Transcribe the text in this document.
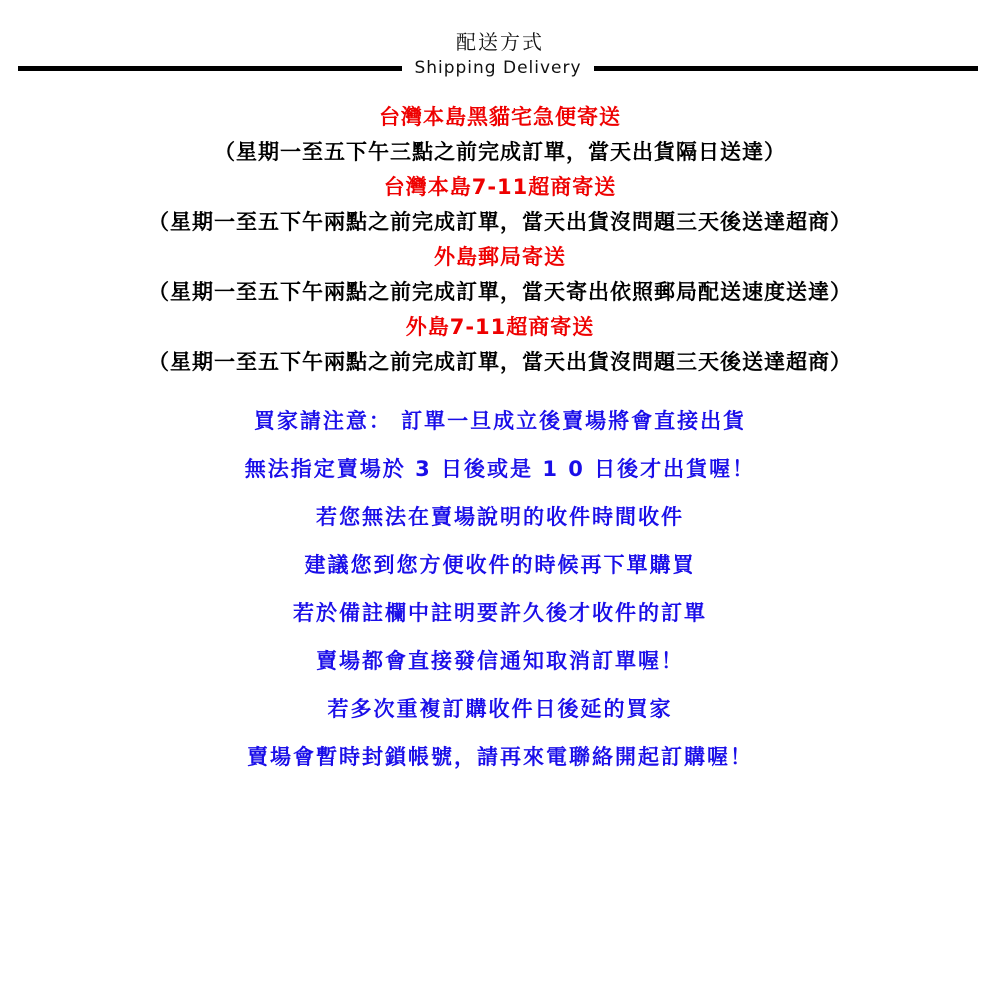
配送方式
Shipping Delivery
台灣本島黑貓宅急便寄送
（星期一至五下午三點之前完成訂單，當天出貨隔日送達）
台灣本島7-11超商寄送
（星期一至五下午兩點之前完成訂單，當天出貨沒問題三天後送達超商）
外島郵局寄送
（星期一至五下午兩點之前完成訂單，當天寄出依照郵局配送速度送達）
外島7-11超商寄送
（星期一至五下午兩點之前完成訂單，當天出貨沒問題三天後送達超商）
買家請注意： 訂單一旦成立後賣場將會直接出貨
無法指定賣場於 3 日後或是 1 0 日後才出貨喔！
若您無法在賣場說明的收件時間收件
建議您到您方便收件的時候再下單購買
若於備註欄中註明要許久後才收件的訂單
賣場都會直接發信通知取消訂單喔！
若多次重複訂購收件日後延的買家
賣場會暫時封鎖帳號，請再來電聯絡開起訂購喔！
